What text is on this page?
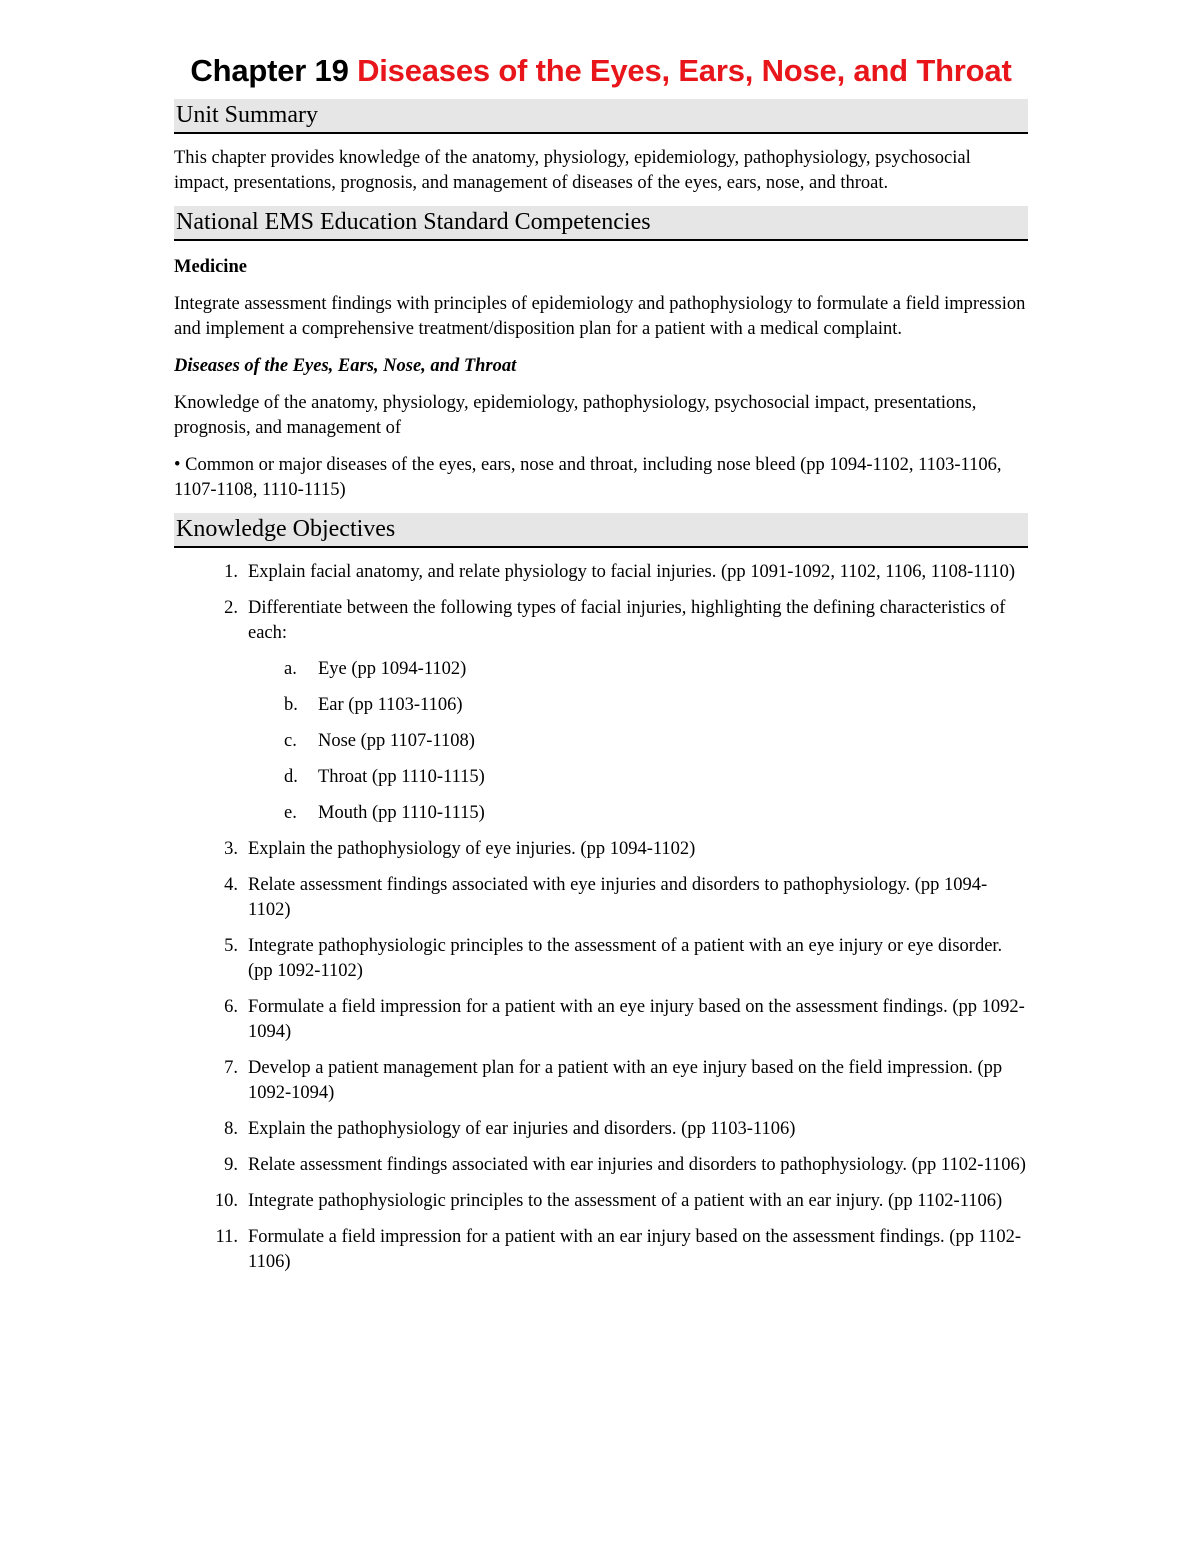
Chapter 19 Diseases of the Eyes, Ears, Nose, and Throat
Unit Summary

This chapter provides knowledge of the anatomy, physiology, epidemiology, pathophysiology, psychosocial impact, presentations, prognosis, and management of diseases of the eyes, ears, nose, and throat.

National EMS Education Standard Competencies

Medicine

Integrate assessment findings with principles of epidemiology and pathophysiology to formulate a field impression and implement a comprehensive treatment/disposition plan for a patient with a medical complaint.

Diseases of the Eyes, Ears, Nose, and Throat

Knowledge of the anatomy, physiology, epidemiology, pathophysiology, psychosocial impact, presentations, prognosis, and management of

• Common or major diseases of the eyes, ears, nose and throat, including nose bleed (pp 1094-1102, 1103-1106, 1107-1108, 1110-1115)

Knowledge Objectives
1. Explain facial anatomy, and relate physiology to facial injuries. (pp 1091-1092, 1102, 1106, 1108-1110)
2. Differentiate between the following types of facial injuries, highlighting the defining characteristics of each:
a. Eye (pp 1094-1102)
b. Ear (pp 1103-1106)
c. Nose (pp 1107-1108)
d. Throat (pp 1110-1115)
e. Mouth (pp 1110-1115)
3. Explain the pathophysiology of eye injuries. (pp 1094-1102)
4. Relate assessment findings associated with eye injuries and disorders to pathophysiology. (pp 1094-1102)
5. Integrate pathophysiologic principles to the assessment of a patient with an eye injury or eye disorder. (pp 1092-1102)
6. Formulate a field impression for a patient with an eye injury based on the assessment findings. (pp 1092-1094)
7. Develop a patient management plan for a patient with an eye injury based on the field impression. (pp 1092-1094)
8. Explain the pathophysiology of ear injuries and disorders. (pp 1103-1106)
9. Relate assessment findings associated with ear injuries and disorders to pathophysiology. (pp 1102-1106)
10. Integrate pathophysiologic principles to the assessment of a patient with an ear injury. (pp 1102-1106)
11. Formulate a field impression for a patient with an ear injury based on the assessment findings. (pp 1102-1106)
